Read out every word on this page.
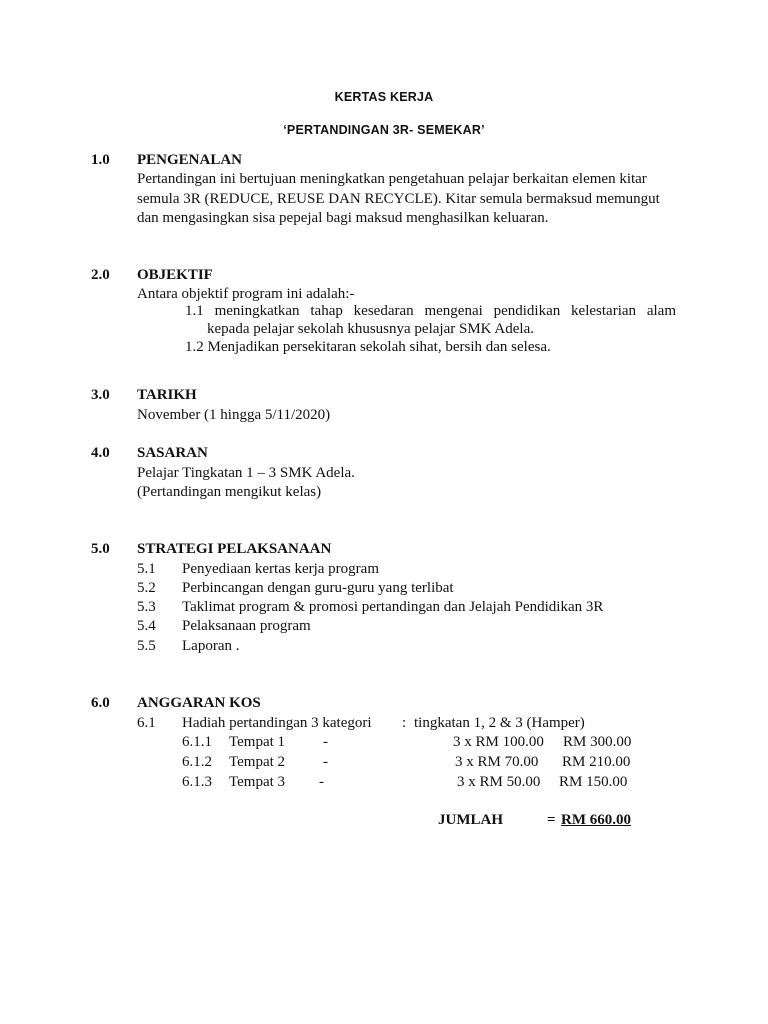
KERTAS KERJA
‘PERTANDINGAN 3R- SEMEKAR’
1.0 PENGENALAN
Pertandingan ini bertujuan meningkatkan pengetahuan pelajar berkaitan elemen kitar
semula 3R (REDUCE, REUSE DAN RECYCLE). Kitar semula bermaksud memungut
dan mengasingkan sisa pepejal bagi maksud menghasilkan keluaran.
2.0 OBJEKTIF
Antara objektif program ini adalah:-
1.1 meningkatkan tahap kesedaran mengenai pendidikan kelestarian alam
kepada pelajar sekolah khususnya pelajar SMK Adela.
1.2 Menjadikan persekitaran sekolah sihat, bersih dan selesa.
3.0 TARIKH
November (1 hingga 5/11/2020)
4.0 SASARAN
Pelajar Tingkatan 1 – 3 SMK Adela.
(Pertandingan mengikut kelas)
5.0 STRATEGI PELAKSANAAN
5.1 Penyediaan kertas kerja program
5.2 Perbincangan dengan guru-guru yang terlibat
5.3 Taklimat program & promosi pertandingan dan Jelajah Pendidikan 3R
5.4 Pelaksanaan program
5.5 Laporan .
6.0 ANGGARAN KOS
6.1 Hadiah pertandingan 3 kategori : tingkatan 1, 2 & 3 (Hamper)
6.1.1 Tempat 1	-	3 x RM 100.00 RM 300.00
6.1.2 Tempat 2	-	3 x RM 70.00 RM 210.00
6.1.3 Tempat 3 -	3 x RM 50.00 RM 150.00
JUMLAH	= RM 660.00
